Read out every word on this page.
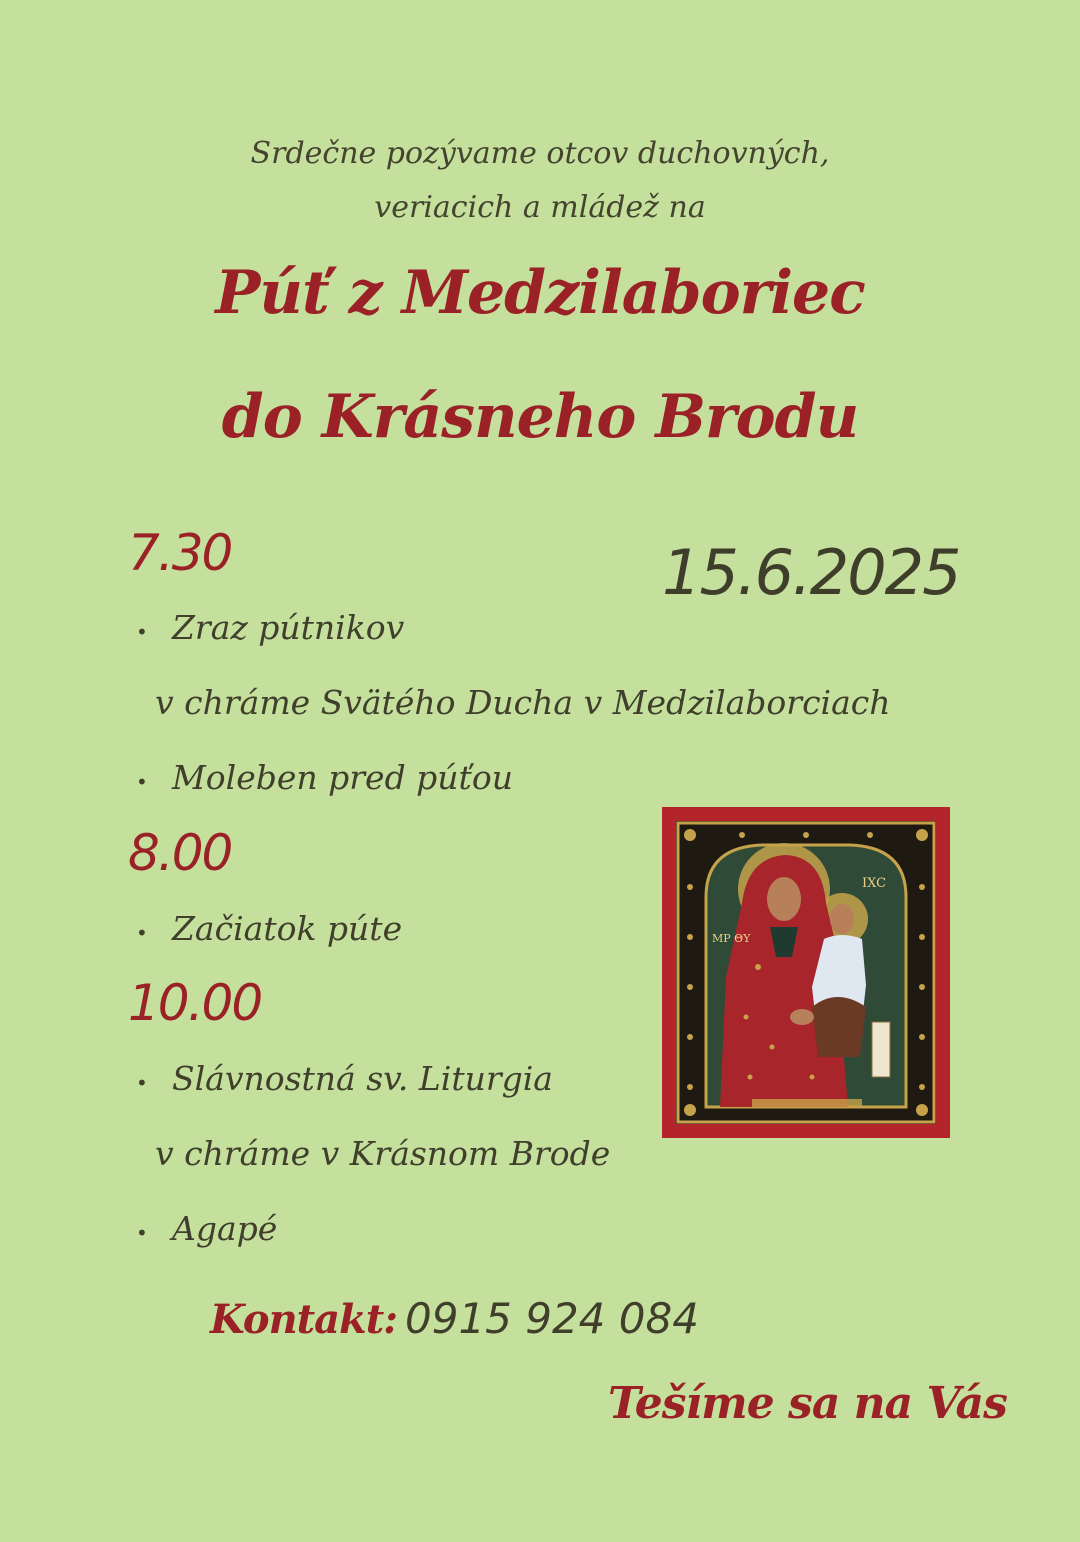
Srdečne pozývame otcov duchovných,
veriacich a mládež na
Púť z Medzilaboriec
do Krásneho Brodu
15.6.2025
7.30
• Zraz pútnikov
v chráme Svätého Ducha v Medzilaborciach
• Moleben pred púťou
8.00
• Začiatok púte
10.00
• Slávnostná sv. Liturgia
v chráme v Krásnom Brode
• Agapé
Kontakt: 0915 924 084
Tešíme sa na Vás
IXC
MP ΘΥ
